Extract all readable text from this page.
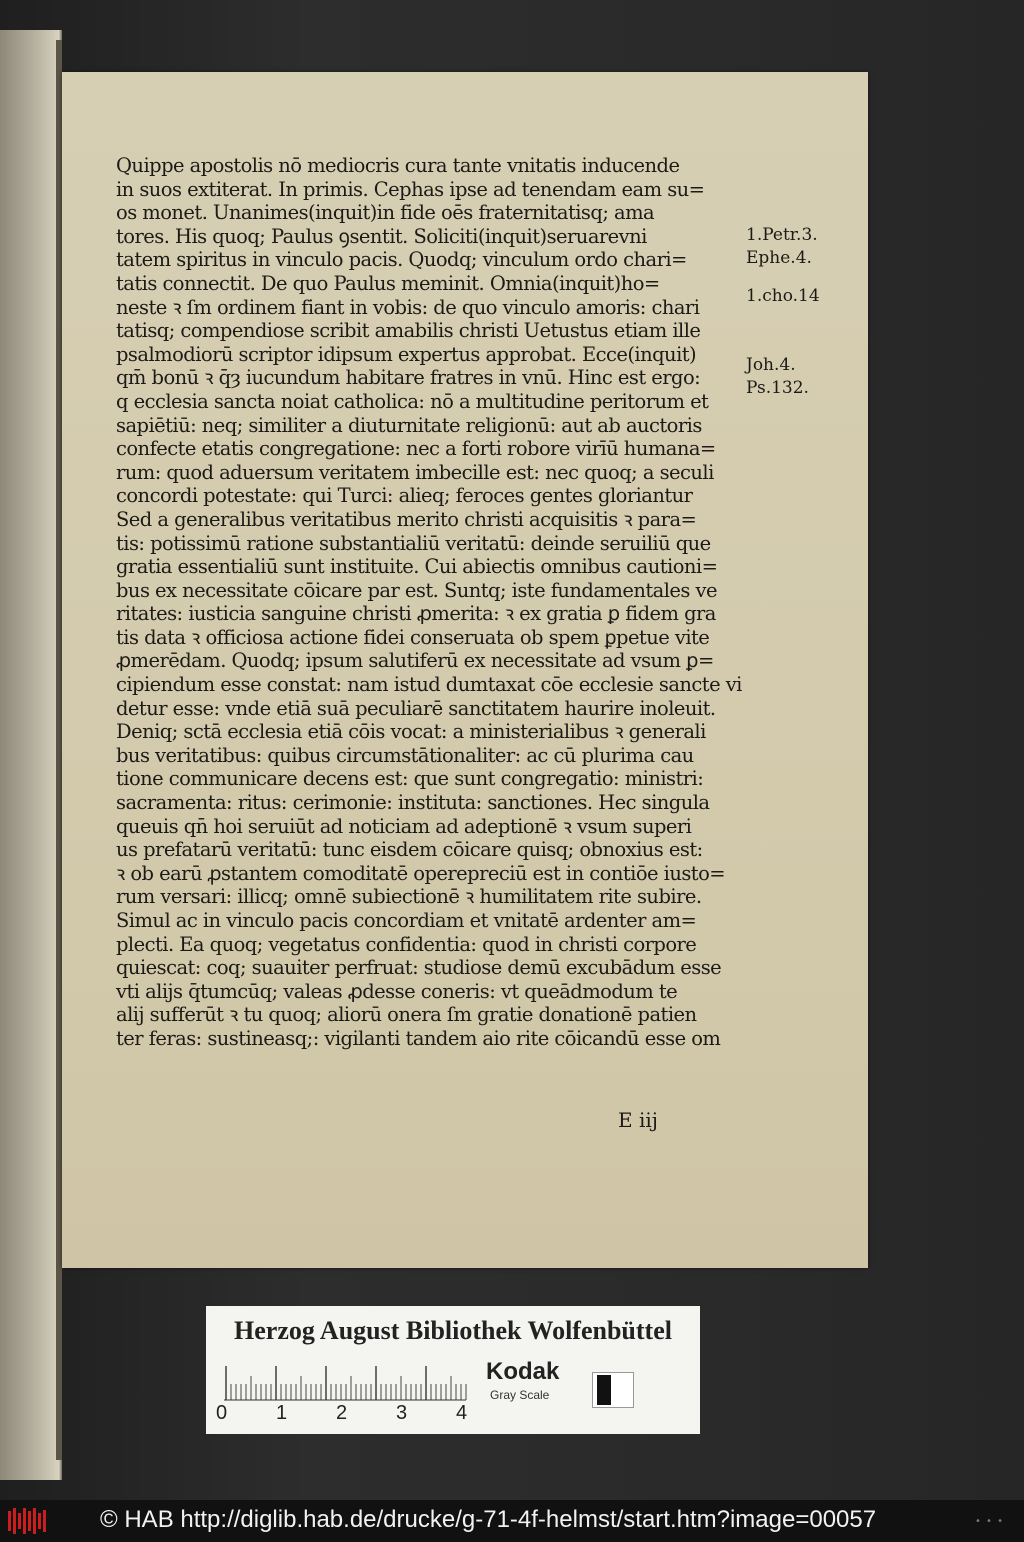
Quippe apostolis nō mediocris cura tante vnitatis inducende
in suos extiterat. In primis. Cephas ipse ad tenendam eam su=
os monet. Unanimes(inquit)in fide oēs fraternitatisq; ama
tores. His quoq; Paulus ꝯsentit. Soliciti(inquit)seruarevni
tatem spiritus in vinculo pacis. Quodq; vinculum ordo chari=
tatis connectit. De quo Paulus meminit. Omnia(inquit)ho=
neste ꝛ ſm ordinem fiant in vobis: de quo vinculo amoris: chari
tatisq; compendiose scribit amabilis christi Uetustus etiam ille
psalmodiorū scriptor idipsum expertus approbat. Ecce(inquit)
qm̄ bonū ꝛ q̄ȝ iucundum habitare fratres in vnū. Hinc est ergo:
q ecclesia sancta noiat catholica: nō a multitudine peritorum et
sapiētiū: neq; similiter a diuturnitate religionū: aut ab auctoris
confecte etatis congregatione: nec a forti robore virīū humana=
rum: quod aduersum veritatem imbecille est: nec quoq; a seculi
concordi potestate: qui Turci: alieq; feroces gentes gloriantur
Sed a generalibus veritatibus merito christi acquisitis ꝛ para=
tis: potissimū ratione substantialiū veritatū: deinde seruiliū que
gratia essentialiū sunt instituite. Cui abiectis omnibus cautioni=
bus ex necessitate cōicare par est. Suntq; iste fundamentales ve
ritates: iusticia sanguine christi ꝓmerita: ꝛ ex gratia ꝑ fidem gra
tis data ꝛ officiosa actione fidei conseruata ob spem ꝑpetue vite
ꝓmerēdam. Quodq; ipsum salutiferū ex necessitate ad vsum ꝑ=
cipiendum esse constat: nam istud dumtaxat cōe ecclesie sancte vi
detur esse: vnde etiā suā peculiarē sanctitatem haurire inoleuit.
Deniq; sctā ecclesia etiā cōis vocat: a ministerialibus ꝛ generali
bus veritatibus: quibus circumstātionaliter: ac cū plurima cau
tione communicare decens est: que sunt congregatio: ministri:
sacramenta: ritus: cerimonie: instituta: sanctiones. Hec singula
queuis qn̄ hoi seruiūt ad noticiam ad adeptionē ꝛ vsum superi
us prefatarū veritatū: tunc eisdem cōicare quisq; obnoxius est:
ꝛ ob earū ꝓstantem comoditatē operepreciū est in contiōe iusto=
rum versari: illicq; omnē subiectionē ꝛ humilitatem rite subire.
Simul ac in vinculo pacis concordiam et vnitatē ardenter am=
plecti. Ea quoq; vegetatus confidentia: quod in christi corpore
quiescat: coq; suauiter perfruat: studiose demū excubādum esse
vti alijs q̄tumcūq; valeas ꝓdesse coneris: vt queādmodum te
alij sufferūt ꝛ tu quoq; aliorū onera ſm gratie donationē patien
ter feras: sustineasq;: vigilanti tandem aio rite cōicandū esse om
E iij
1.Petr.3.
Ephe.4.
1.cho.14
Joh.4.
Ps.132.
Herzog August Bibliothek Wolfenbüttel
0 1 2 3 4
Kodak
Gray Scale
© HAB http://diglib.hab.de/drucke/g-71-4f-helmst/start.htm?image=00057	• • •
